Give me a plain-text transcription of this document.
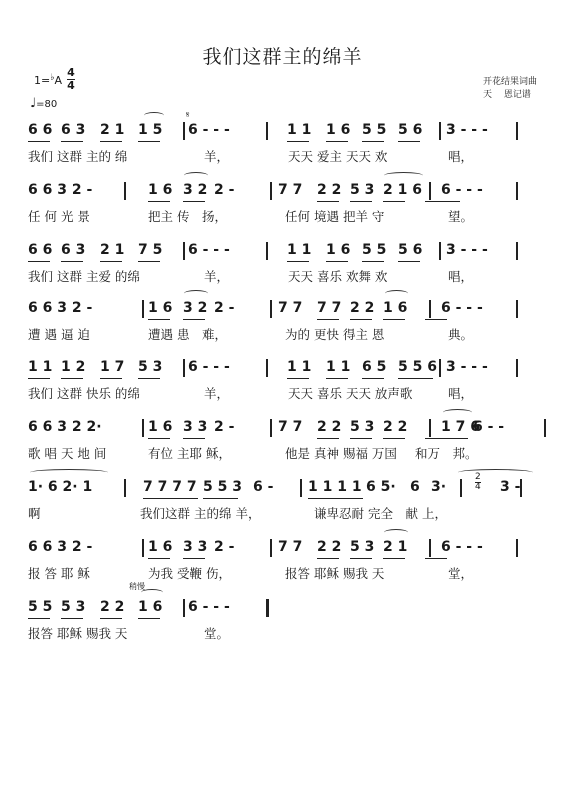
我们这群主的绵羊
1=♭A
4
4
♩=80
开花结果词曲
天　 恩记谱
6 6 6 3 2 1 1 5 6 - - -	1 1 1 6 5 5 5 6 3 - - -
𝄋
我们 这群 主的 绵	羊，	天天 爱主 天天 欢	唱，
6 6 3 2 -	1 6 3 2 2 -	7 7 2 2 5 3 2 1 6 6 - - -
任 何 光 景	把主 传　扬，	任何 境遇 把羊 守	望。
6 6 6 3 2 1 7 5 6 - - -	1 1 1 6 5 5 5 6 3 - - -
我们 这群 主爱 的绵	羊，	天天 喜乐 欢舞 欢	唱，
6 6 3 2 -	1 6 3 2 2 -	7 7 7 7 2 2 1 6 6 - - -
遭 遇 逼 迫	遭遇 患　难，	为的 更快 得主 恩	典。
1 1 1 2 1 7 5 3 6 - - -	1 1 1 1 6 5 5 5 6 3 - - -
我们 这群 快乐 的绵	羊，	天天 喜乐 天天 放声歌	唱，
6 6 3 2 2·	1 6 3 3 2 -	7 7 2 2 5 3 2 2 1 7 6
6 - -
歌 唱 天 地 间	有位 主耶 稣，	他是 真神 赐福 万国 和万　邦。
1· 6 2· 1	7 7 7 7 5 5 3 6 - 1 1 1 1 6 5· 6 3·	3 -
2
4
啊	我们这群 主的绵 羊，	谦卑忍耐 完全　献 上，
6 6 3 2 -	1 6 3 3 2 -	7 7 2 2 5 3 2 1 6 - - -
报 答 耶 稣	为我 受鞭 伤，	报答 耶稣 赐我 天	堂，
5 5 5 3 2 2 1 6 6 - - -
稍慢
报答 耶稣 赐我 天	堂。
